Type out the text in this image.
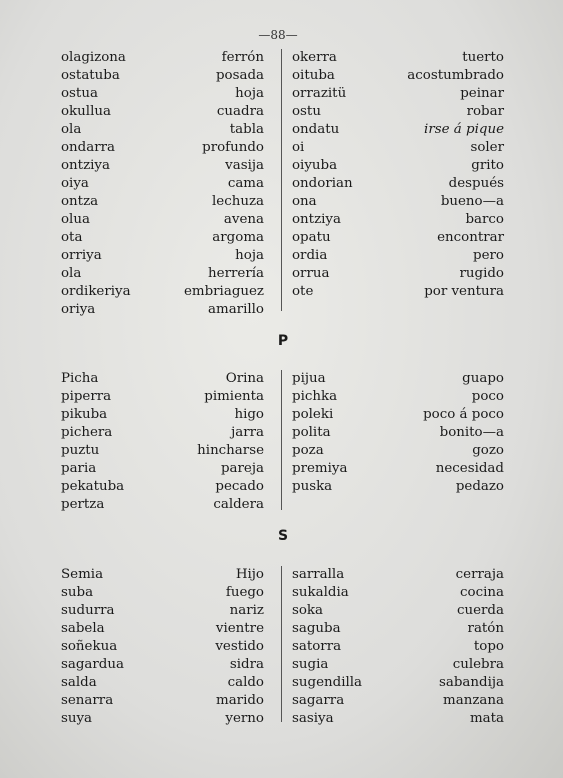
—88—
olagizona
ostatuba
ostua
okullua
ola
ondarra
ontziya
oiya
ontza
olua
ota
orriya
ola
ordikeriya
oriya
ferrón
posada
hoja
cuadra
tabla
profundo
vasija
cama
lechuza
avena
argoma
hoja
herrería
embriaguez
amarillo
okerra
oituba
orrazitü
ostu
ondatu
oi
oiyuba
ondorian
ona
ontziya
opatu
ordia
orrua
ote
tuerto
acostumbrado
peinar
robar
irse á pique
soler
grito
después
bueno—a
barco
encontrar
pero
rugido
por ventura
P
Picha
piperra
pikuba
pichera
puztu
paria
pekatuba
pertza
Orina
pimienta
higo
jarra
hincharse
pareja
pecado
caldera
pijua
pichka
poleki
polita
poza
premiya
puska
guapo
poco
poco á poco
bonito—a
gozo
necesidad
pedazo
S
Semia
suba
sudurra
sabela
soñekua
sagardua
salda
senarra
suya
Hijo
fuego
nariz
vientre
vestido
sidra
caldo
marido
yerno
sarralla
sukaldia
soka
saguba
satorra
sugia
sugendilla
sagarra
sasiya
cerraja
cocina
cuerda
ratón
topo
culebra
sabandija
manzana
mata
